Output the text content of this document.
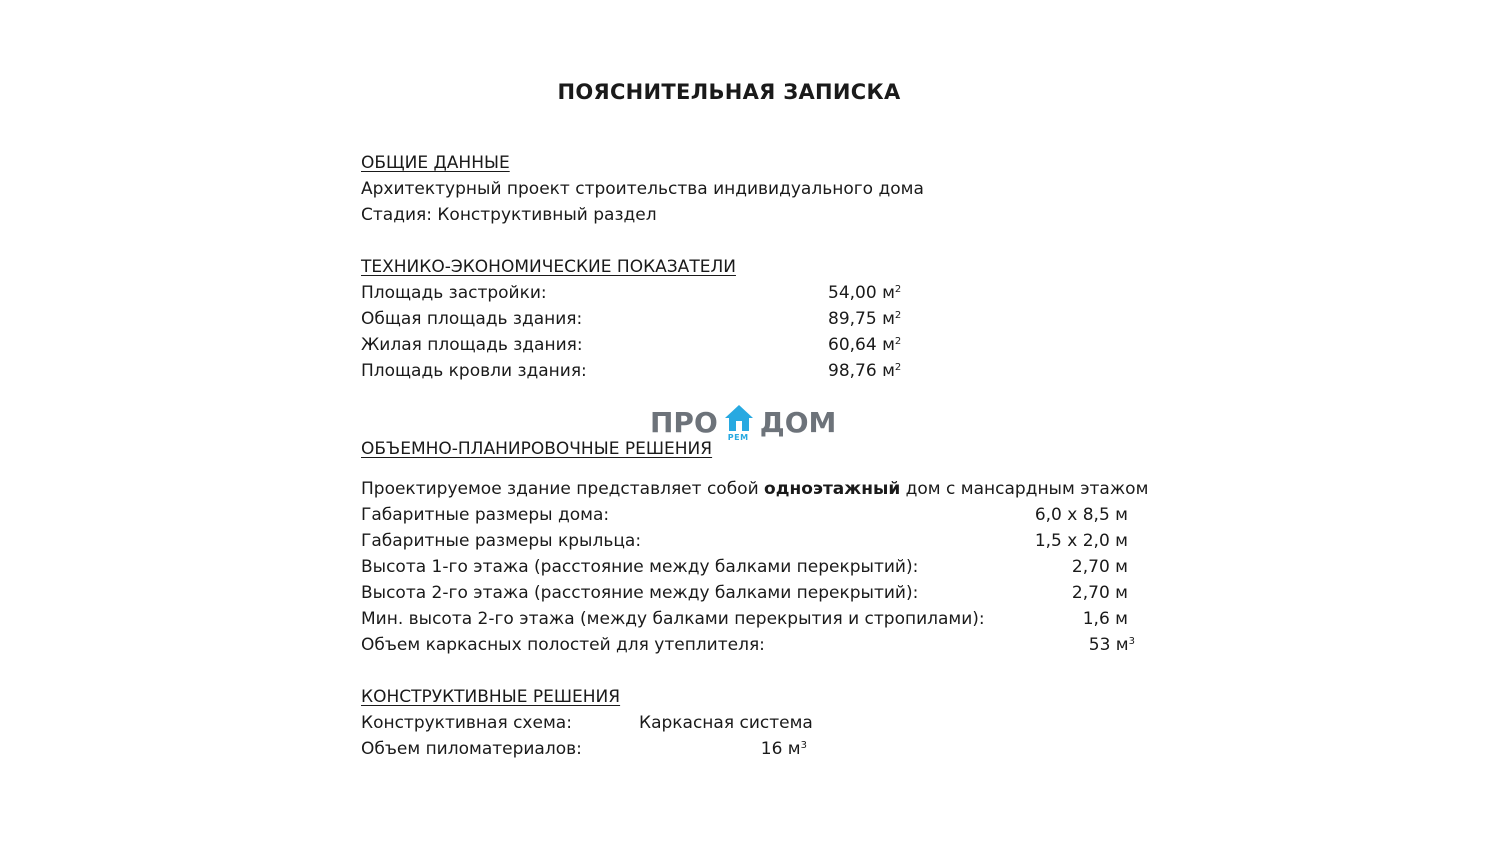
ПОЯСНИТЕЛЬНАЯ ЗАПИСКА
ОБЩИЕ ДАННЫЕ
Архитектурный проект строительства индивидуального дома
Стадия: Конструктивный раздел
ТЕХНИКО-ЭКОНОМИЧЕСКИЕ ПОКАЗАТЕЛИ
Площадь застройки:	54,00 $м^2$
Общая площадь здания:	89,75 $м^2$
Жилая площадь здания:	60,64 $м^2$
Площадь кровли здания:	98,76 $м^2$
ОБЪЕМНО-ПЛАНИРОВОЧНЫЕ РЕШЕНИЯ
Проектируемое здание представляет собой одноэтажный дом с мансардным этажом
Габаритные размеры дома:	6,0 х 8,5 м
Габаритные размеры крыльца:	1,5 х 2,0 м
Высота 1-го этажа (расстояние между балками перекрытий):	2,70 м
Высота 2-го этажа (расстояние между балками перекрытий):	2,70 м
Мин. высота 2-го этажа (между балками перекрытия и стропилами):	1,6 м
Объем каркасных полостей для утеплителя:	53 $м^3$
КОНСТРУКТИВНЫЕ РЕШЕНИЯ
Конструктивная схема:	Каркасная система
Объем пиломатериалов:	16 $м^3$
ПРО РЕМ ДОМ
